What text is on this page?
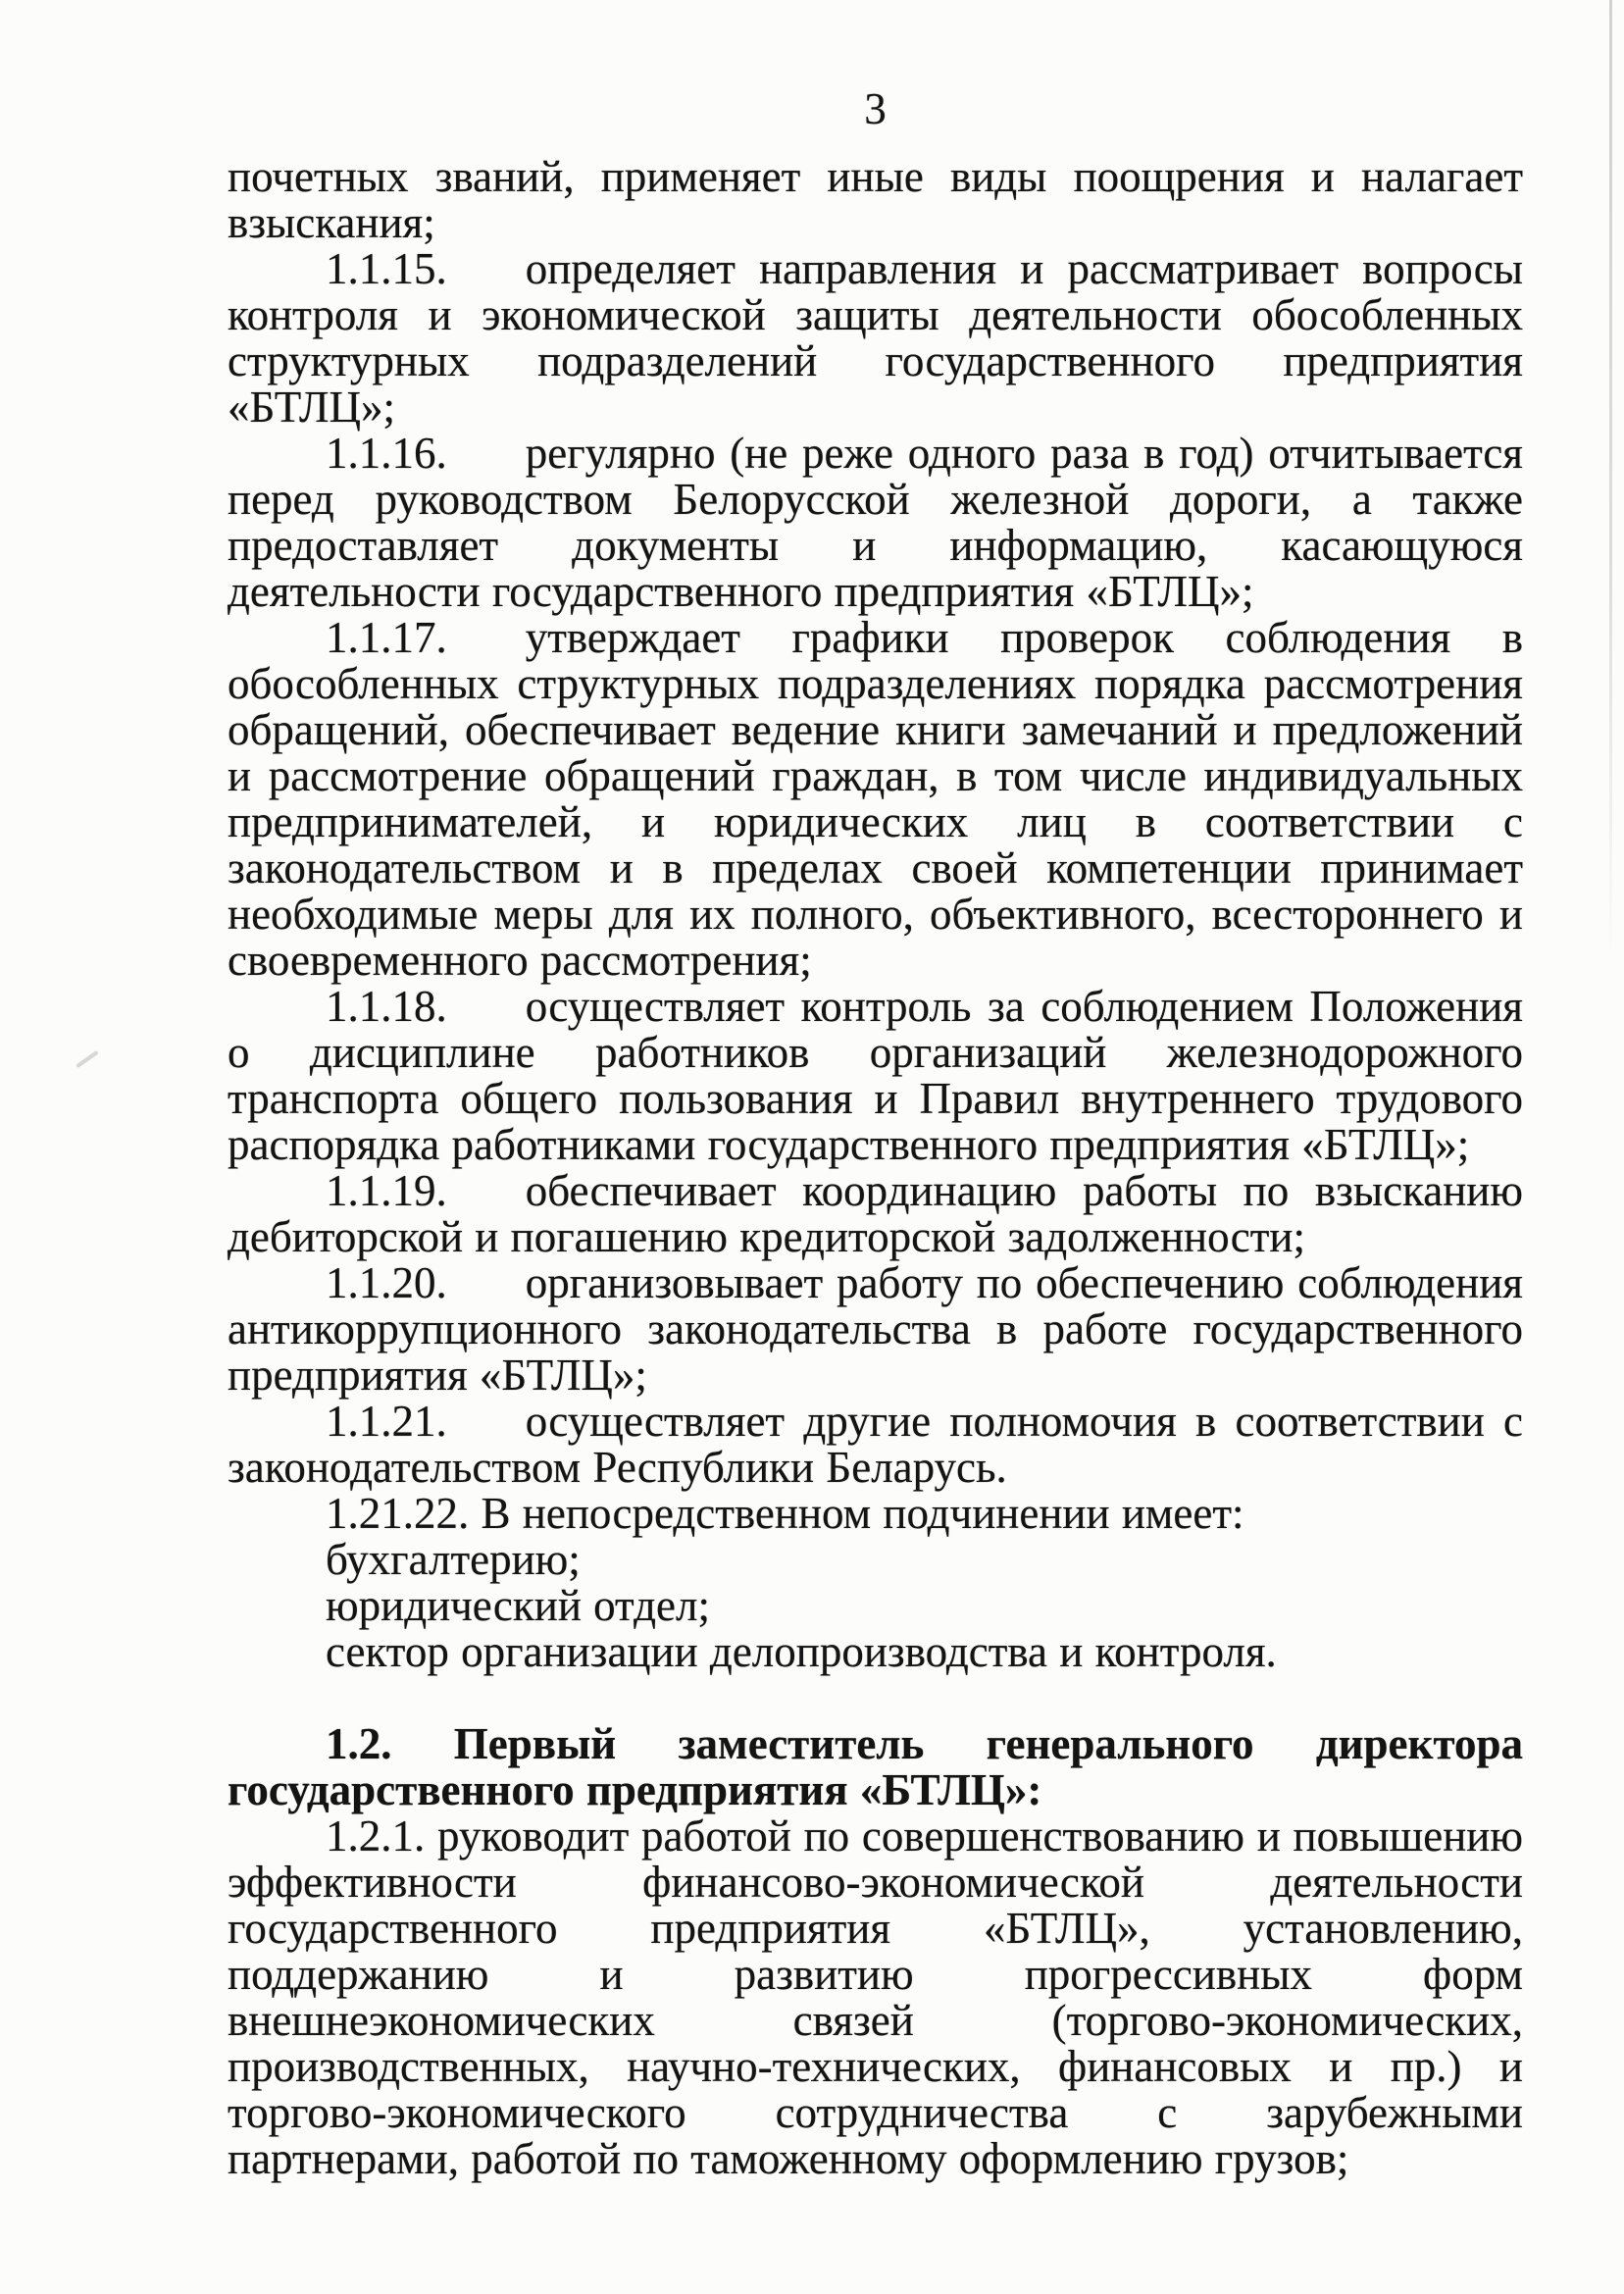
3

почетных званий, применяет иные виды поощрения и налагает взыскания;

1.1.15. определяет направления и рассматривает вопросы контроля и экономической защиты деятельности обособленных структурных подразделений государственного предприятия «БТЛЦ»;

1.1.16. регулярно (не реже одного раза в год) отчитывается перед руководством Белорусской железной дороги, а также предоставляет документы и информацию, касающуюся деятельности государственного предприятия «БТЛЦ»;

1.1.17. утверждает графики проверок соблюдения в обособленных структурных подразделениях порядка рассмотрения обращений, обеспечивает ведение книги замечаний и предложений и рассмотрение обращений граждан, в том числе индивидуальных предпринимателей, и юридических лиц в соответствии с законодательством и в пределах своей компетенции принимает необходимые меры для их полного, объективного, всестороннего и своевременного рассмотрения;

1.1.18. осуществляет контроль за соблюдением Положения о дисциплине работников организаций железнодорожного транспорта общего пользования и Правил внутреннего трудового распорядка работниками государственного предприятия «БТЛЦ»;

1.1.19. обеспечивает координацию работы по взысканию дебиторской и погашению кредиторской задолженности;

1.1.20. организовывает работу по обеспечению соблюдения антикоррупционного законодательства в работе государственного предприятия «БТЛЦ»;

1.1.21. осуществляет другие полномочия в соответствии с законодательством Республики Беларусь.

1.21.22. В непосредственном подчинении имеет:

бухгалтерию;

юридический отдел;

сектор организации делопроизводства и контроля.

1.2. Первый заместитель генерального директора государственного предприятия «БТЛЦ»:

1.2.1. руководит работой по совершенствованию и повышению эффективности финансово-экономической деятельности государственного предприятия «БТЛЦ», установлению, поддержанию и развитию прогрессивных форм внешнеэкономических связей (торгово-экономических, производственных, научно-технических, финансовых и пр.) и торгово-экономического сотрудничества с зарубежными партнерами, работой по таможенному оформлению грузов;
